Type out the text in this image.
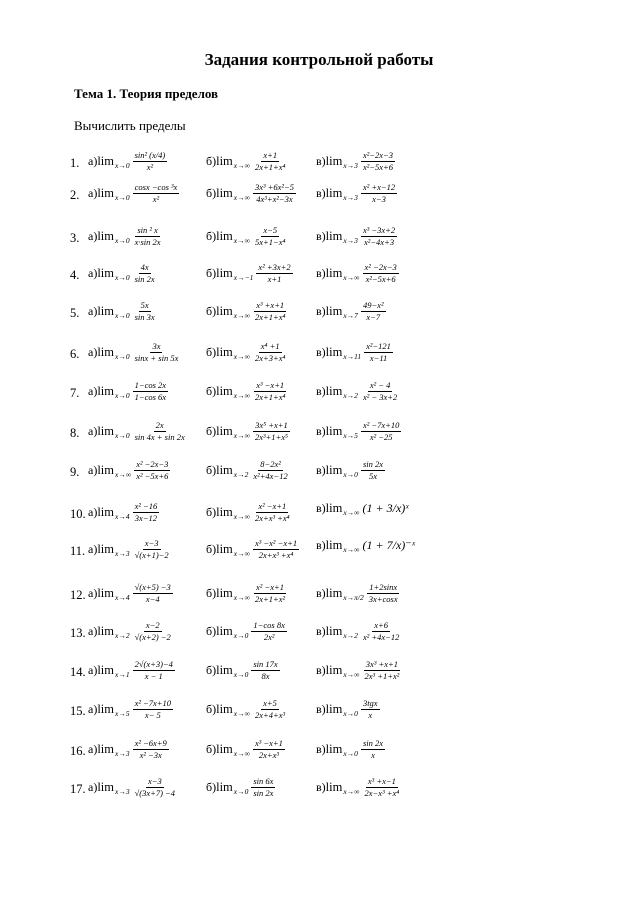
Задания контрольной работы
Тема 1. Теория пределов
Вычислить пределы
1. а) $\lim x\to 0 \frac{\text{sin² (x/4)}}{\text{x²}}$	б) $\lim x\to\infty \frac{x+1}{\text{2x+1+x⁴}} в$) $\lim x\to 3 \frac{\text{x²−2x−3}}{\text{x²−5x+6}}$
2. а) $\lim x\to 0 \frac{\text{cosx −cos ³x}}{\text{x²}} б$) $\lim x\to\infty \frac{\text{3x³ +6x²−5}}{\text{4x³+x²−3x}} в$) $\lim x\to 3 \frac{\text{x² +x−12}}{x-3}$
3. а) $\lim x\to 0 \frac{\text{sin ² x}}{x\cdot\sin 2x}$	б) $\lim x\to\infty \frac{x-5}{\text{5x+1−x⁴}} в$) $\lim x\to 3 \frac{\text{x³ −3x+2}}{\text{x²−4x+3}}$
4. а) $\lim x\to 0 \frac{4x}{\sin 2x}$	б) $\lim x\to-1 \frac{\text{x² +3x+2}}{x+1} в$) $\lim x\to\infty \frac{\text{x² −2x−3}}{\text{x²−5x+6}}$
5. а) $\lim x\to 0 \frac{5x}{\sin 3x}$	б) $\lim x\to\infty \frac{\text{x³ +x+1}}{\text{2x+1+x⁴}} в$) $\lim x\to 7 \frac{\text{49−x²}}{x-7}$
6. а) $\lim x\to 0 \frac{3x}{\sin x + \sin 5x} б$) $\lim x\to\infty \frac{\text{x⁴ +1}}{\text{2x+3+x⁴}} в$) $\lim x\to 11 \frac{\text{x²−121}}{x-11}$
7. а) $\lim x\to 0 \frac{1-\cos 2x}{1-\cos 6x}$	б) $\lim x\to\infty \frac{\text{x³ −x+1}}{\text{2x+1+x⁴}} в$) $\lim x\to 2 \frac{\text{x² − 4}}{\text{x² − 3x+2}}$
8. а) $\lim x\to 0 \frac{2x}{\sin 4x + \sin 2x} б$) $\lim x\to\infty \frac{\text{3x⁵ +x+1}}{\text{2x³+1+x⁵}} в$) $\lim x\to 5 \frac{\text{x² −7x+10}}{\text{x² −25}}$
9. а) $\lim x\to\infty \frac{\text{x² −2x−3}}{\text{x² −5x+6}}$	б) $\lim x\to 2 \frac{\text{8−2x²}}{\text{x²+4x−12}} в$) $\lim x\to 0 \frac{\sin 2x}{5x}$
10. а) $\lim x\to 4 \frac{\text{x² −16}}{3x-12}$	б) $\lim x\to\infty \frac{\text{x² −x+1}}{\text{2x+x³ +x⁴}} в$) lim x→∞ (1 + 3/x)ˣ
11. а) $\lim x\to 3 \frac{x-3}{√(x+1)-2}$	б) $\lim x\to\infty \frac{\text{x³ −x² −x+1}}{\text{2x+x³ +x⁴}} в$) lim x→∞ (1 + 7/x)⁻ˣ
12. а) $\lim x\to 4 \frac{√(x+5) -3}{x-4}$	б) $\lim x\to\infty \frac{\text{x² −x+1}}{\text{2x+1+x²}} в$) $\lim x\to\pi/2 \frac{1+2\sin x}{3x+\cos x}$
13. а) $\lim x\to 2 \frac{x-2}{√(x+2) -2}$	б) $\lim x\to 0 \frac{1-\cos 8x}{\text{2x²}} в$) $\lim x\to 2 \frac{x+6}{\text{x² +4x−12}}$
14. а) $\lim x\to 1 \frac{2√(x+3)-4}{x - 1}$	б) $\lim x\to 0 \frac{\sin 17x}{8x}$	в) $\lim x\to\infty \frac{\text{3x³ +x+1}}{\text{2x³ +1+x²}}$
15. а) $\lim x\to 5 \frac{\text{x² −7x+10}}{x- 5}$	б) $\lim x\to\infty \frac{x+5}{\text{2x+4+x³}} в$) $\lim x\to 0 \frac{\text{3tgx}}{x}$
16. а) $\lim x\to 3 \frac{\text{x² −6x+9}}{\text{x² −3x}}$	б) $\lim x\to\infty \frac{\text{x³ −x+1}}{\text{2x+x³}}$	в) $\lim x\to 0 \frac{\sin 2x}{x}$
17. а) $\lim x\to 3 \frac{x-3}{√(3x+7) -4} б$) $\lim x\to 0 \frac{\sin 6x}{\sin 2x}$	в) $\lim x\to\infty \frac{\text{x³ +x−1}}{\text{2x−x³ +x⁴}}$
